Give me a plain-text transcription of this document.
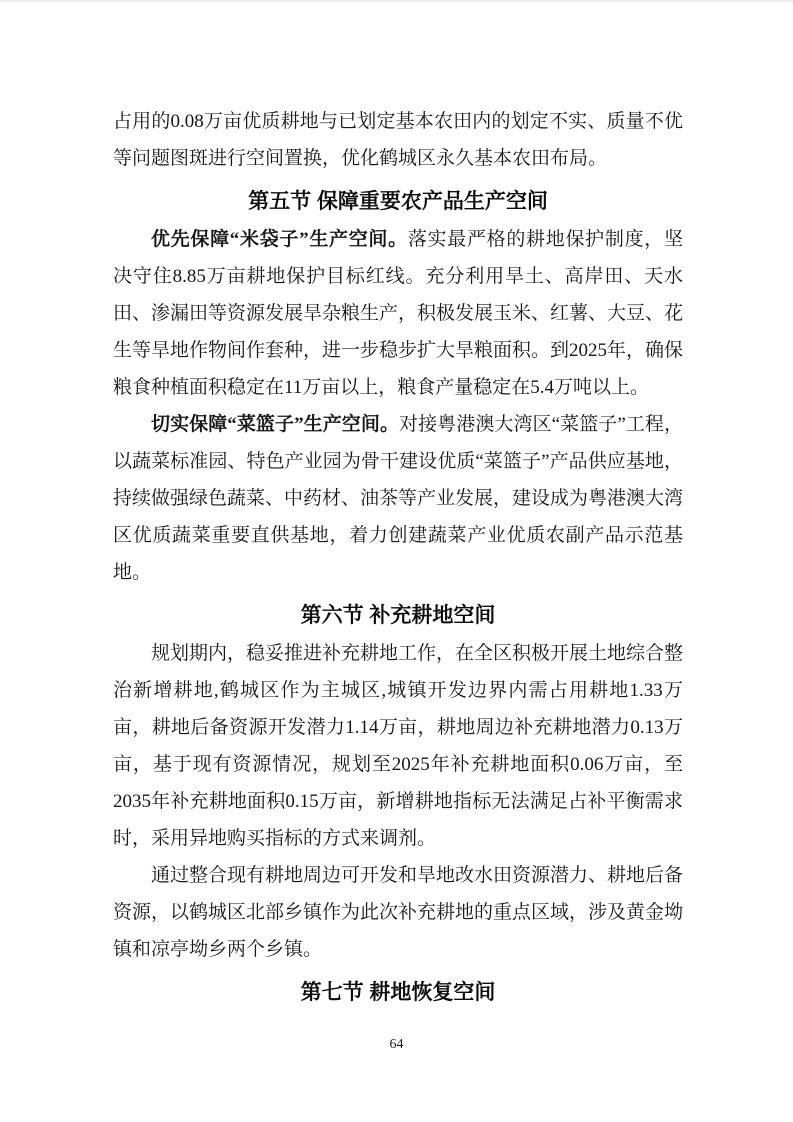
占用的0.08万亩优质耕地与已划定基本农田内的划定不实、质量不优等问题图斑进行空间置换，优化鹤城区永久基本农田布局。

第五节 保障重要农产品生产空间

优先保障“米袋子”生产空间。落实最严格的耕地保护制度，坚决守住8.85万亩耕地保护目标红线。充分利用旱土、高岸田、天水田、渗漏田等资源发展旱杂粮生产，积极发展玉米、红薯、大豆、花生等旱地作物间作套种，进一步稳步扩大旱粮面积。到2025年，确保粮食种植面积稳定在11万亩以上，粮食产量稳定在5.4万吨以上。

切实保障“菜篮子”生产空间。对接粤港澳大湾区“菜篮子”工程，以蔬菜标准园、特色产业园为骨干建设优质“菜篮子”产品供应基地，持续做强绿色蔬菜、中药材、油茶等产业发展，建设成为粤港澳大湾区优质蔬菜重要直供基地，着力创建蔬菜产业优质农副产品示范基地。

第六节 补充耕地空间

规划期内，稳妥推进补充耕地工作，在全区积极开展土地综合整治新增耕地,鹤城区作为主城区,城镇开发边界内需占用耕地1.33万亩，耕地后备资源开发潜力1.14万亩，耕地周边补充耕地潜力0.13万亩，基于现有资源情况，规划至2025年补充耕地面积0.06万亩，至2035年补充耕地面积0.15万亩，新增耕地指标无法满足占补平衡需求时，采用异地购买指标的方式来调剂。

通过整合现有耕地周边可开发和旱地改水田资源潜力、耕地后备资源，以鹤城区北部乡镇作为此次补充耕地的重点区域，涉及黄金坳镇和凉亭坳乡两个乡镇。

第七节 耕地恢复空间
64
